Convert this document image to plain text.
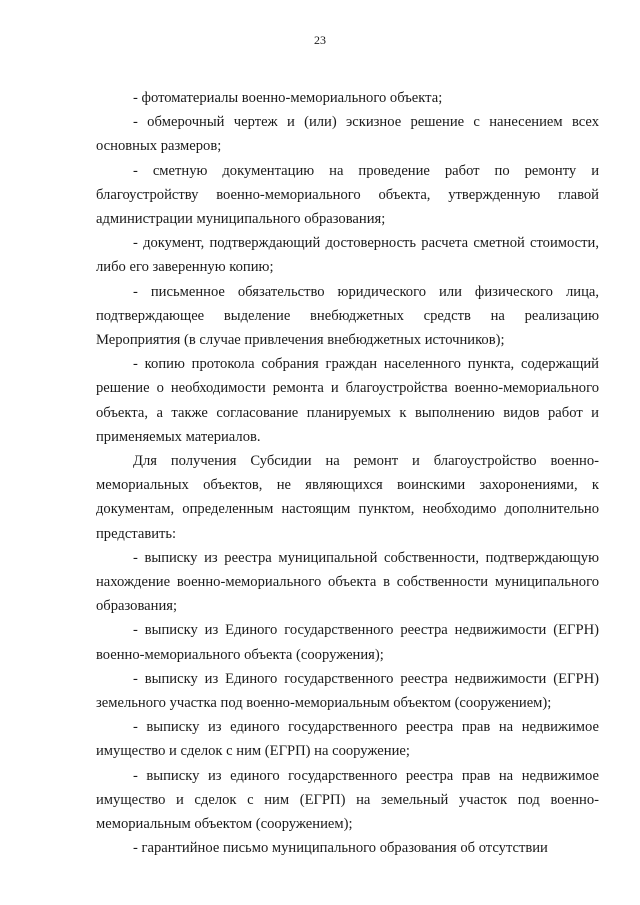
23

- фотоматериалы военно-мемориального объекта;

- обмерочный чертеж и (или) эскизное решение с нанесением всех основных размеров;

- сметную документацию на проведение работ по ремонту и благоустройству военно-мемориального объекта, утвержденную главой администрации муниципального образования;

- документ, подтверждающий достоверность расчета сметной стоимости, либо его заверенную копию;

- письменное обязательство юридического или физического лица, подтверждающее выделение внебюджетных средств на реализацию Мероприятия (в случае привлечения внебюджетных источников);

- копию протокола собрания граждан населенного пункта, содержащий решение о необходимости ремонта и благоустройства военно-мемориального объекта, а также согласование планируемых к выполнению видов работ и применяемых материалов.

Для получения Субсидии на ремонт и благоустройство военно-мемориальных объектов, не являющихся воинскими захоронениями, к документам, определенным настоящим пунктом, необходимо дополнительно представить:

- выписку из реестра муниципальной собственности, подтверждающую нахождение военно-мемориального объекта в собственности муниципального образования;

- выписку из Единого государственного реестра недвижимости (ЕГРН) военно-мемориального объекта (сооружения);

- выписку из Единого государственного реестра недвижимости (ЕГРН) земельного участка под военно-мемориальным объектом (сооружением);

- выписку из единого государственного реестра прав на недвижимое имущество и сделок с ним (ЕГРП) на сооружение;

- выписку из единого государственного реестра прав на недвижимое имущество и сделок с ним (ЕГРП) на земельный участок под военно-мемориальным объектом (сооружением);

- гарантийное письмо муниципального образования об отсутствии
